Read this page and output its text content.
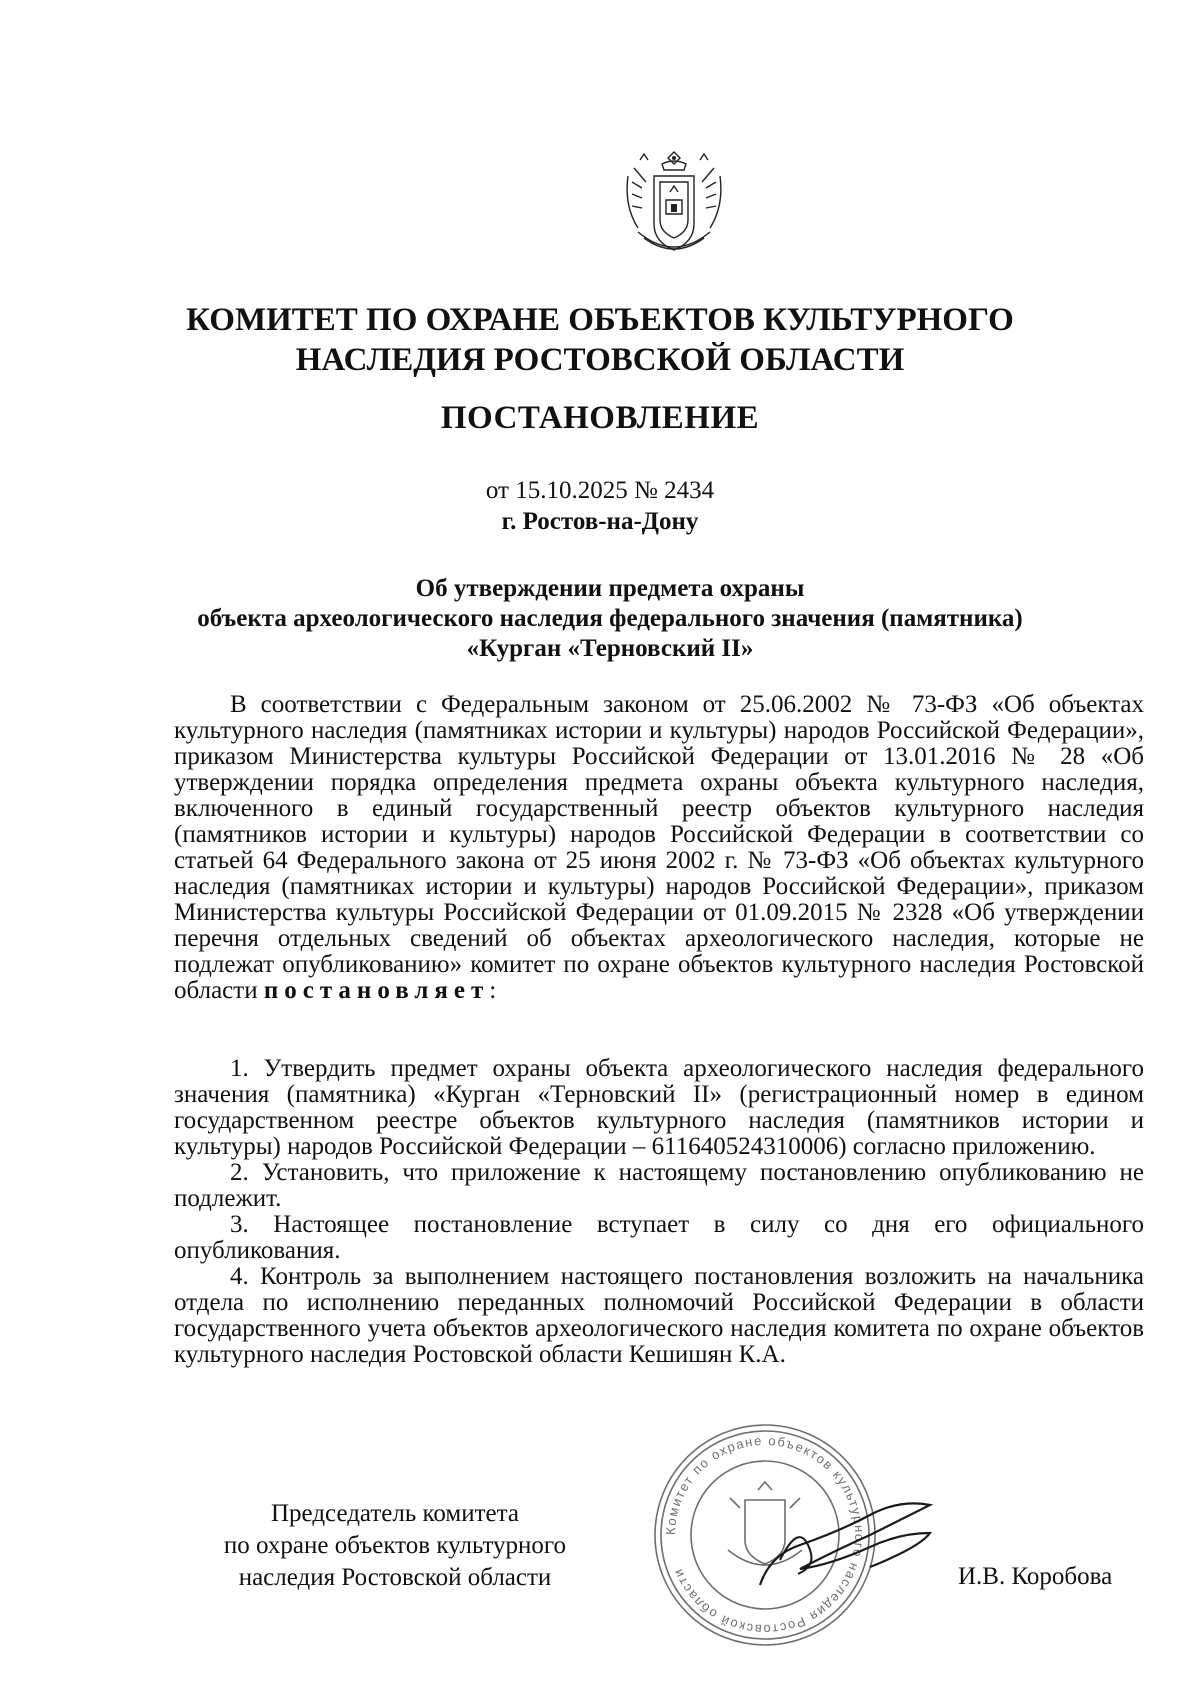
КОМИТЕТ ПО ОХРАНЕ ОБЪЕКТОВ КУЛЬТУРНОГО
НАСЛЕДИЯ РОСТОВСКОЙ ОБЛАСТИ
ПОСТАНОВЛЕНИЕ
от 15.10.2025 № 2434
г. Ростов-на-Дону
Об утверждении предмета охраны
объекта археологического наследия федерального значения (памятника)
«Курган «Терновский II»

В соответствии с Федеральным законом от 25.06.2002 № 73-ФЗ «Об объектах культурного наследия (памятниках истории и культуры) народов Российской Федерации», приказом Министерства культуры Российской Федерации от 13.01.2016 № 28 «Об утверждении порядка определения предмета охраны объекта культурного наследия, включенного в единый государственный реестр объектов культурного наследия (памятников истории и культуры) народов Российской Федерации в соответствии со статьей 64 Федерального закона от 25 июня 2002 г. № 73-ФЗ «Об объектах культурного наследия (памятниках истории и культуры) народов Российской Федерации», приказом Министерства культуры Российской Федерации от 01.09.2015 № 2328 «Об утверждении перечня отдельных сведений об объектах археологического наследия, которые не подлежат опубликованию» комитет по охране объектов культурного наследия Ростовской области постановляет:

1. Утвердить предмет охраны объекта археологического наследия федерального значения (памятника) «Курган «Терновский II» (регистрационный номер в едином государственном реестре объектов культурного наследия (памятников истории и культуры) народов Российской Федерации – 611640524310006) согласно приложению.

2. Установить, что приложение к настоящему постановлению опубликованию не подлежит.

3. Настоящее постановление вступает в силу со дня его официального опубликования.

4. Контроль за выполнением настоящего постановления возложить на начальника отдела по исполнению переданных полномочий Российской Федерации в области государственного учета объектов археологического наследия комитета по охране объектов культурного наследия Ростовской области Кешишян К.А.

Председатель комитета
по охране объектов культурного
наследия Ростовской области
Комитет по охране объектов культурного наследия Ростовской области	И.В. Коробова
